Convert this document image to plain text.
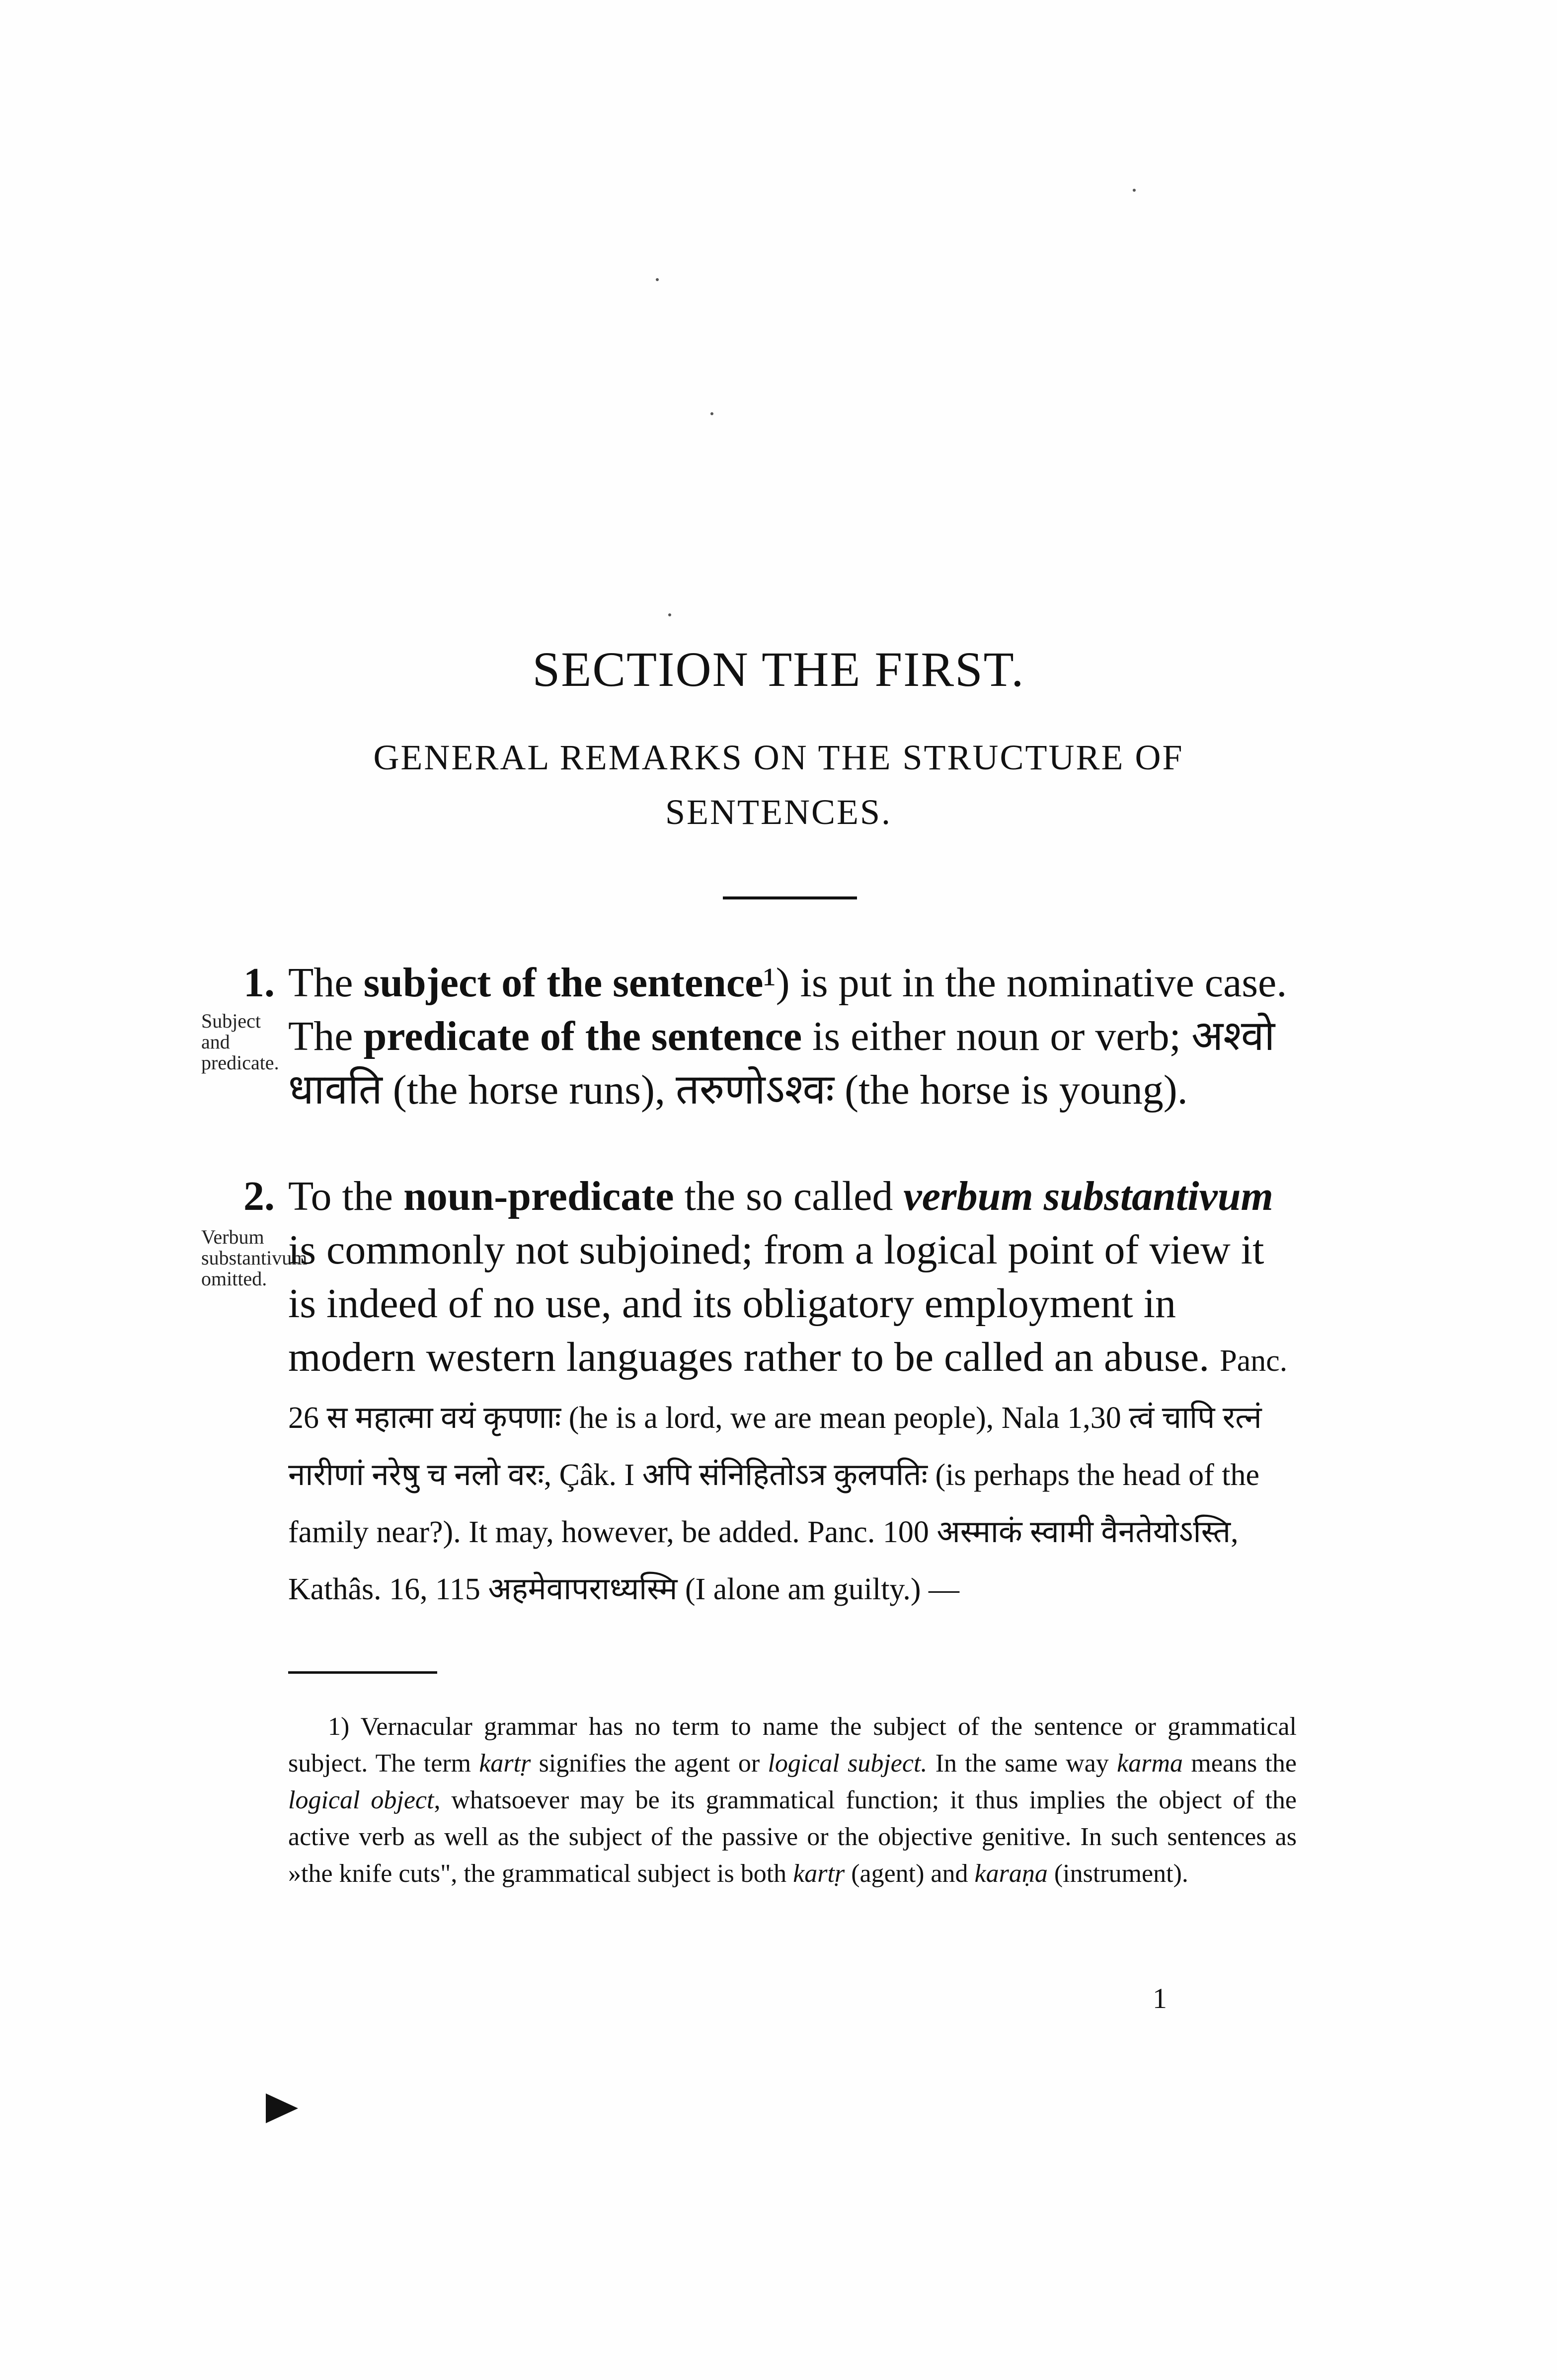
SECTION THE FIRST.
GENERAL REMARKS ON THE STRUCTURE OF
SENTENCES.
Subject and predicate.
1. The subject of the sentence¹) is put in the nominative case. The predicate of the sentence is either noun or verb; अश्वो धावति (the horse runs), तरुणोऽश्वः (the horse is young).
Verbum substantivum omitted.
2. To the noun-predicate the so called verbum substantivum is commonly not subjoined; from a logical point of view it is indeed of no use, and its obligatory employment in modern western languages rather to be called an abuse. Panc. 26 स महात्मा वयं कृपणाः (he is a lord, we are mean people), Nala 1,30 त्वं चापि रत्नं नारीणां नरेषु च नलो वरः, Çâk. I अपि संनिहितोऽत्र कुलपतिः (is perhaps the head of the family near?). It may, however, be added. Panc. 100 अस्माकं स्वामी वैनतेयोऽस्ति, Kathâs. 16, 115 अहमेवापराध्यस्मि (I alone am guilty.) —
1) Vernacular grammar has no term to name the subject of the sentence or grammatical subject. The term kartṛ signifies the agent or logical subject. In the same way karma means the logical object, whatsoever may be its grammatical function; it thus implies the object of the active verb as well as the subject of the passive or the objective genitive. In such sentences as »the knife cuts", the grammatical subject is both kartṛ (agent) and karaṇa (instrument).
1
